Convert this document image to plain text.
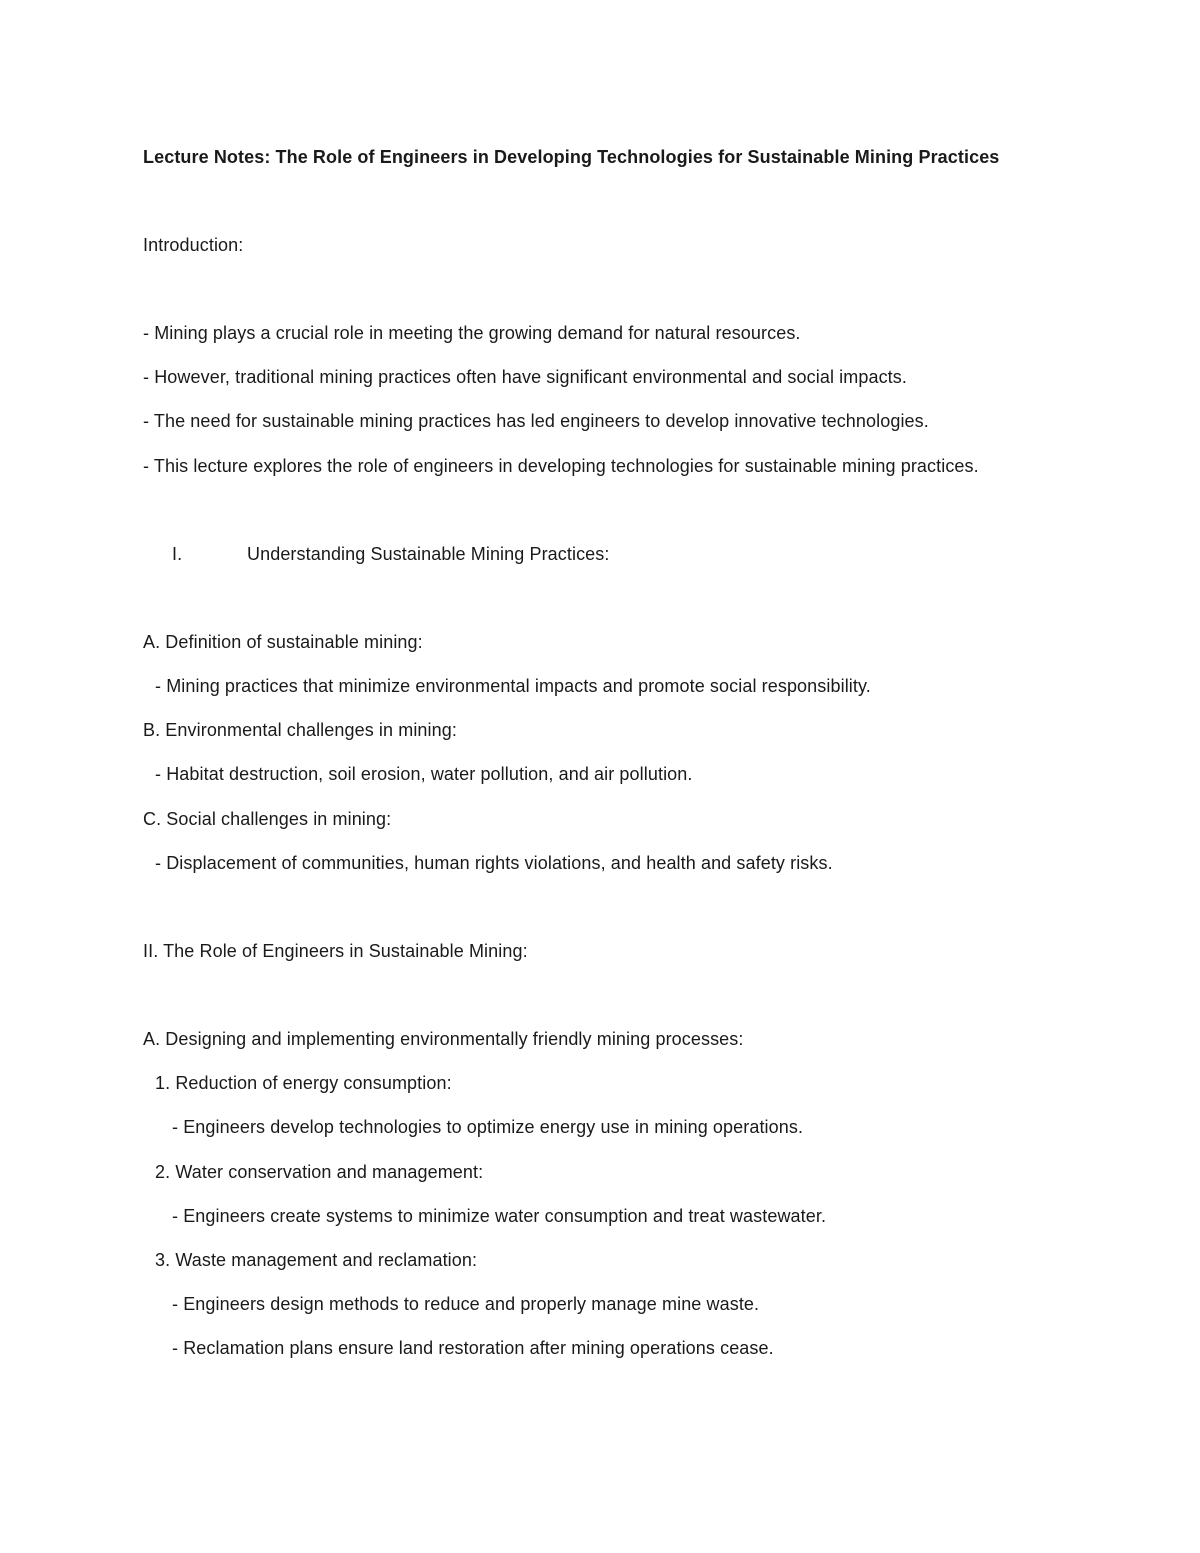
Lecture Notes: The Role of Engineers in Developing Technologies for Sustainable Mining Practices
Introduction:
- Mining plays a crucial role in meeting the growing demand for natural resources.
- However, traditional mining practices often have significant environmental and social impacts.
- The need for sustainable mining practices has led engineers to develop innovative technologies.
- This lecture explores the role of engineers in developing technologies for sustainable mining practices.
I.	Understanding Sustainable Mining Practices:
A. Definition of sustainable mining:
- Mining practices that minimize environmental impacts and promote social responsibility.
B. Environmental challenges in mining:
- Habitat destruction, soil erosion, water pollution, and air pollution.
C. Social challenges in mining:
- Displacement of communities, human rights violations, and health and safety risks.
II. The Role of Engineers in Sustainable Mining:
A. Designing and implementing environmentally friendly mining processes:
1. Reduction of energy consumption:
- Engineers develop technologies to optimize energy use in mining operations.
2. Water conservation and management:
- Engineers create systems to minimize water consumption and treat wastewater.
3. Waste management and reclamation:
- Engineers design methods to reduce and properly manage mine waste.
- Reclamation plans ensure land restoration after mining operations cease.
